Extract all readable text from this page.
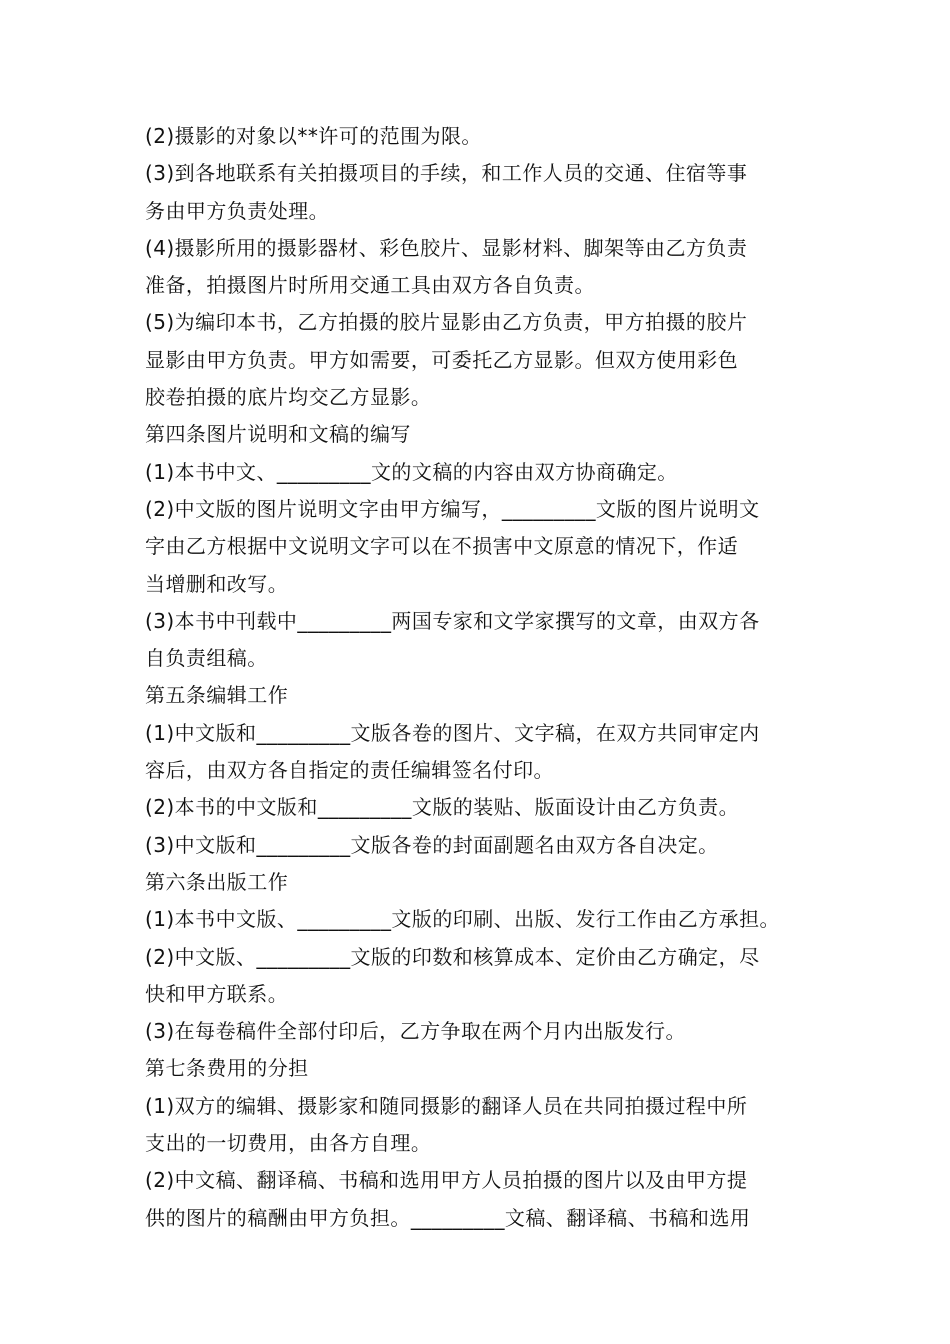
(2)摄影的对象以**许可的范围为限。
(3)到各地联系有关拍摄项目的手续，和工作人员的交通、住宿等事
务由甲方负责处理。
(4)摄影所用的摄影器材、彩色胶片、显影材料、脚架等由乙方负责
准备，拍摄图片时所用交通工具由双方各自负责。
(5)为编印本书，乙方拍摄的胶片显影由乙方负责，甲方拍摄的胶片
显影由甲方负责。甲方如需要，可委托乙方显影。但双方使用彩色
胶卷拍摄的底片均交乙方显影。
第四条图片说明和文稿的编写
(1)本书中文、_________文的文稿的内容由双方协商确定。
(2)中文版的图片说明文字由甲方编写，_________文版的图片说明文
字由乙方根据中文说明文字可以在不损害中文原意的情况下，作适
当增删和改写。
(3)本书中刊载中_________两国专家和文学家撰写的文章，由双方各
自负责组稿。
第五条编辑工作
(1)中文版和_________文版各卷的图片、文字稿，在双方共同审定内
容后，由双方各自指定的责任编辑签名付印。
(2)本书的中文版和_________文版的装贴、版面设计由乙方负责。
(3)中文版和_________文版各卷的封面副题名由双方各自决定。
第六条出版工作
(1)本书中文版、_________文版的印刷、出版、发行工作由乙方承担。
(2)中文版、_________文版的印数和核算成本、定价由乙方确定，尽
快和甲方联系。
(3)在每卷稿件全部付印后，乙方争取在两个月内出版发行。
第七条费用的分担
(1)双方的编辑、摄影家和随同摄影的翻译人员在共同拍摄过程中所
支出的一切费用，由各方自理。
(2)中文稿、翻译稿、书稿和选用甲方人员拍摄的图片以及由甲方提
供的图片的稿酬由甲方负担。_________文稿、翻译稿、书稿和选用
